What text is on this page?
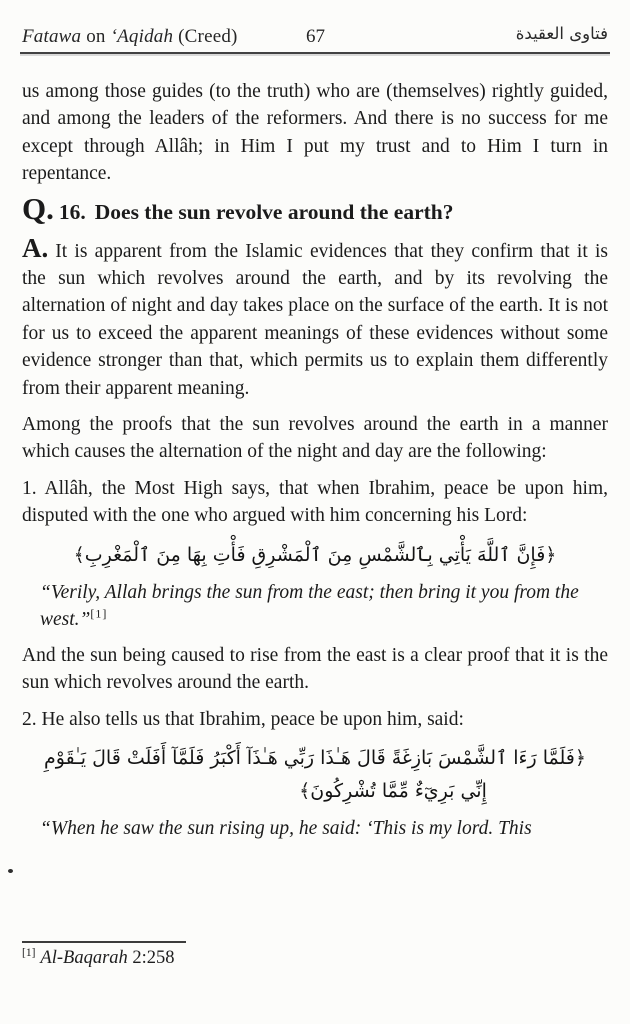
Fatawa on ‘Aqidah (Creed)	67	فتاوى العقيدة

us among those guides (to the truth) who are (themselves) rightly guided, and among the leaders of the reformers. And there is no success for me except through Allâh; in Him I put my trust and to Him I turn in repentance.

Q. 16. Does the sun revolve around the earth?

A. It is apparent from the Islamic evidences that they confirm that it is the sun which revolves around the earth, and by its revolving the alternation of night and day takes place on the surface of the earth. It is not for us to exceed the apparent meanings of these evidences without some evidence stronger than that, which permits us to explain them differently from their apparent meaning.

Among the proofs that the sun revolves around the earth in a manner which causes the alternation of the night and day are the following:

1. Allâh, the Most High says, that when Ibrahim, peace be upon him, disputed with the one who argued with him concerning his Lord:

﴿فَإِنَّ ٱللَّهَ يَأْتِي بِٱلشَّمْسِ مِنَ ٱلْمَشْرِقِ فَأْتِ بِهَا مِنَ ٱلْمَغْرِبِ﴾
“Verily, Allah brings the sun from the east; then bring it you from the west.”[1]

And the sun being caused to rise from the east is a clear proof that it is the sun which revolves around the earth.

2. He also tells us that Ibrahim, peace be upon him, said:

﴿فَلَمَّا رَءَا ٱلشَّمْسَ بَازِغَةً قَالَ هَـٰذَا رَبِّي هَـٰذَآ أَكْبَرُ فَلَمَّآ أَفَلَتْ قَالَ يَـٰقَوْمِ
إِنِّي بَرِيٓءٌ مِّمَّا تُشْرِكُونَ﴾
“When he saw the sun rising up, he said: ‘This is my lord. This
[1] Al-Baqarah 2:258
